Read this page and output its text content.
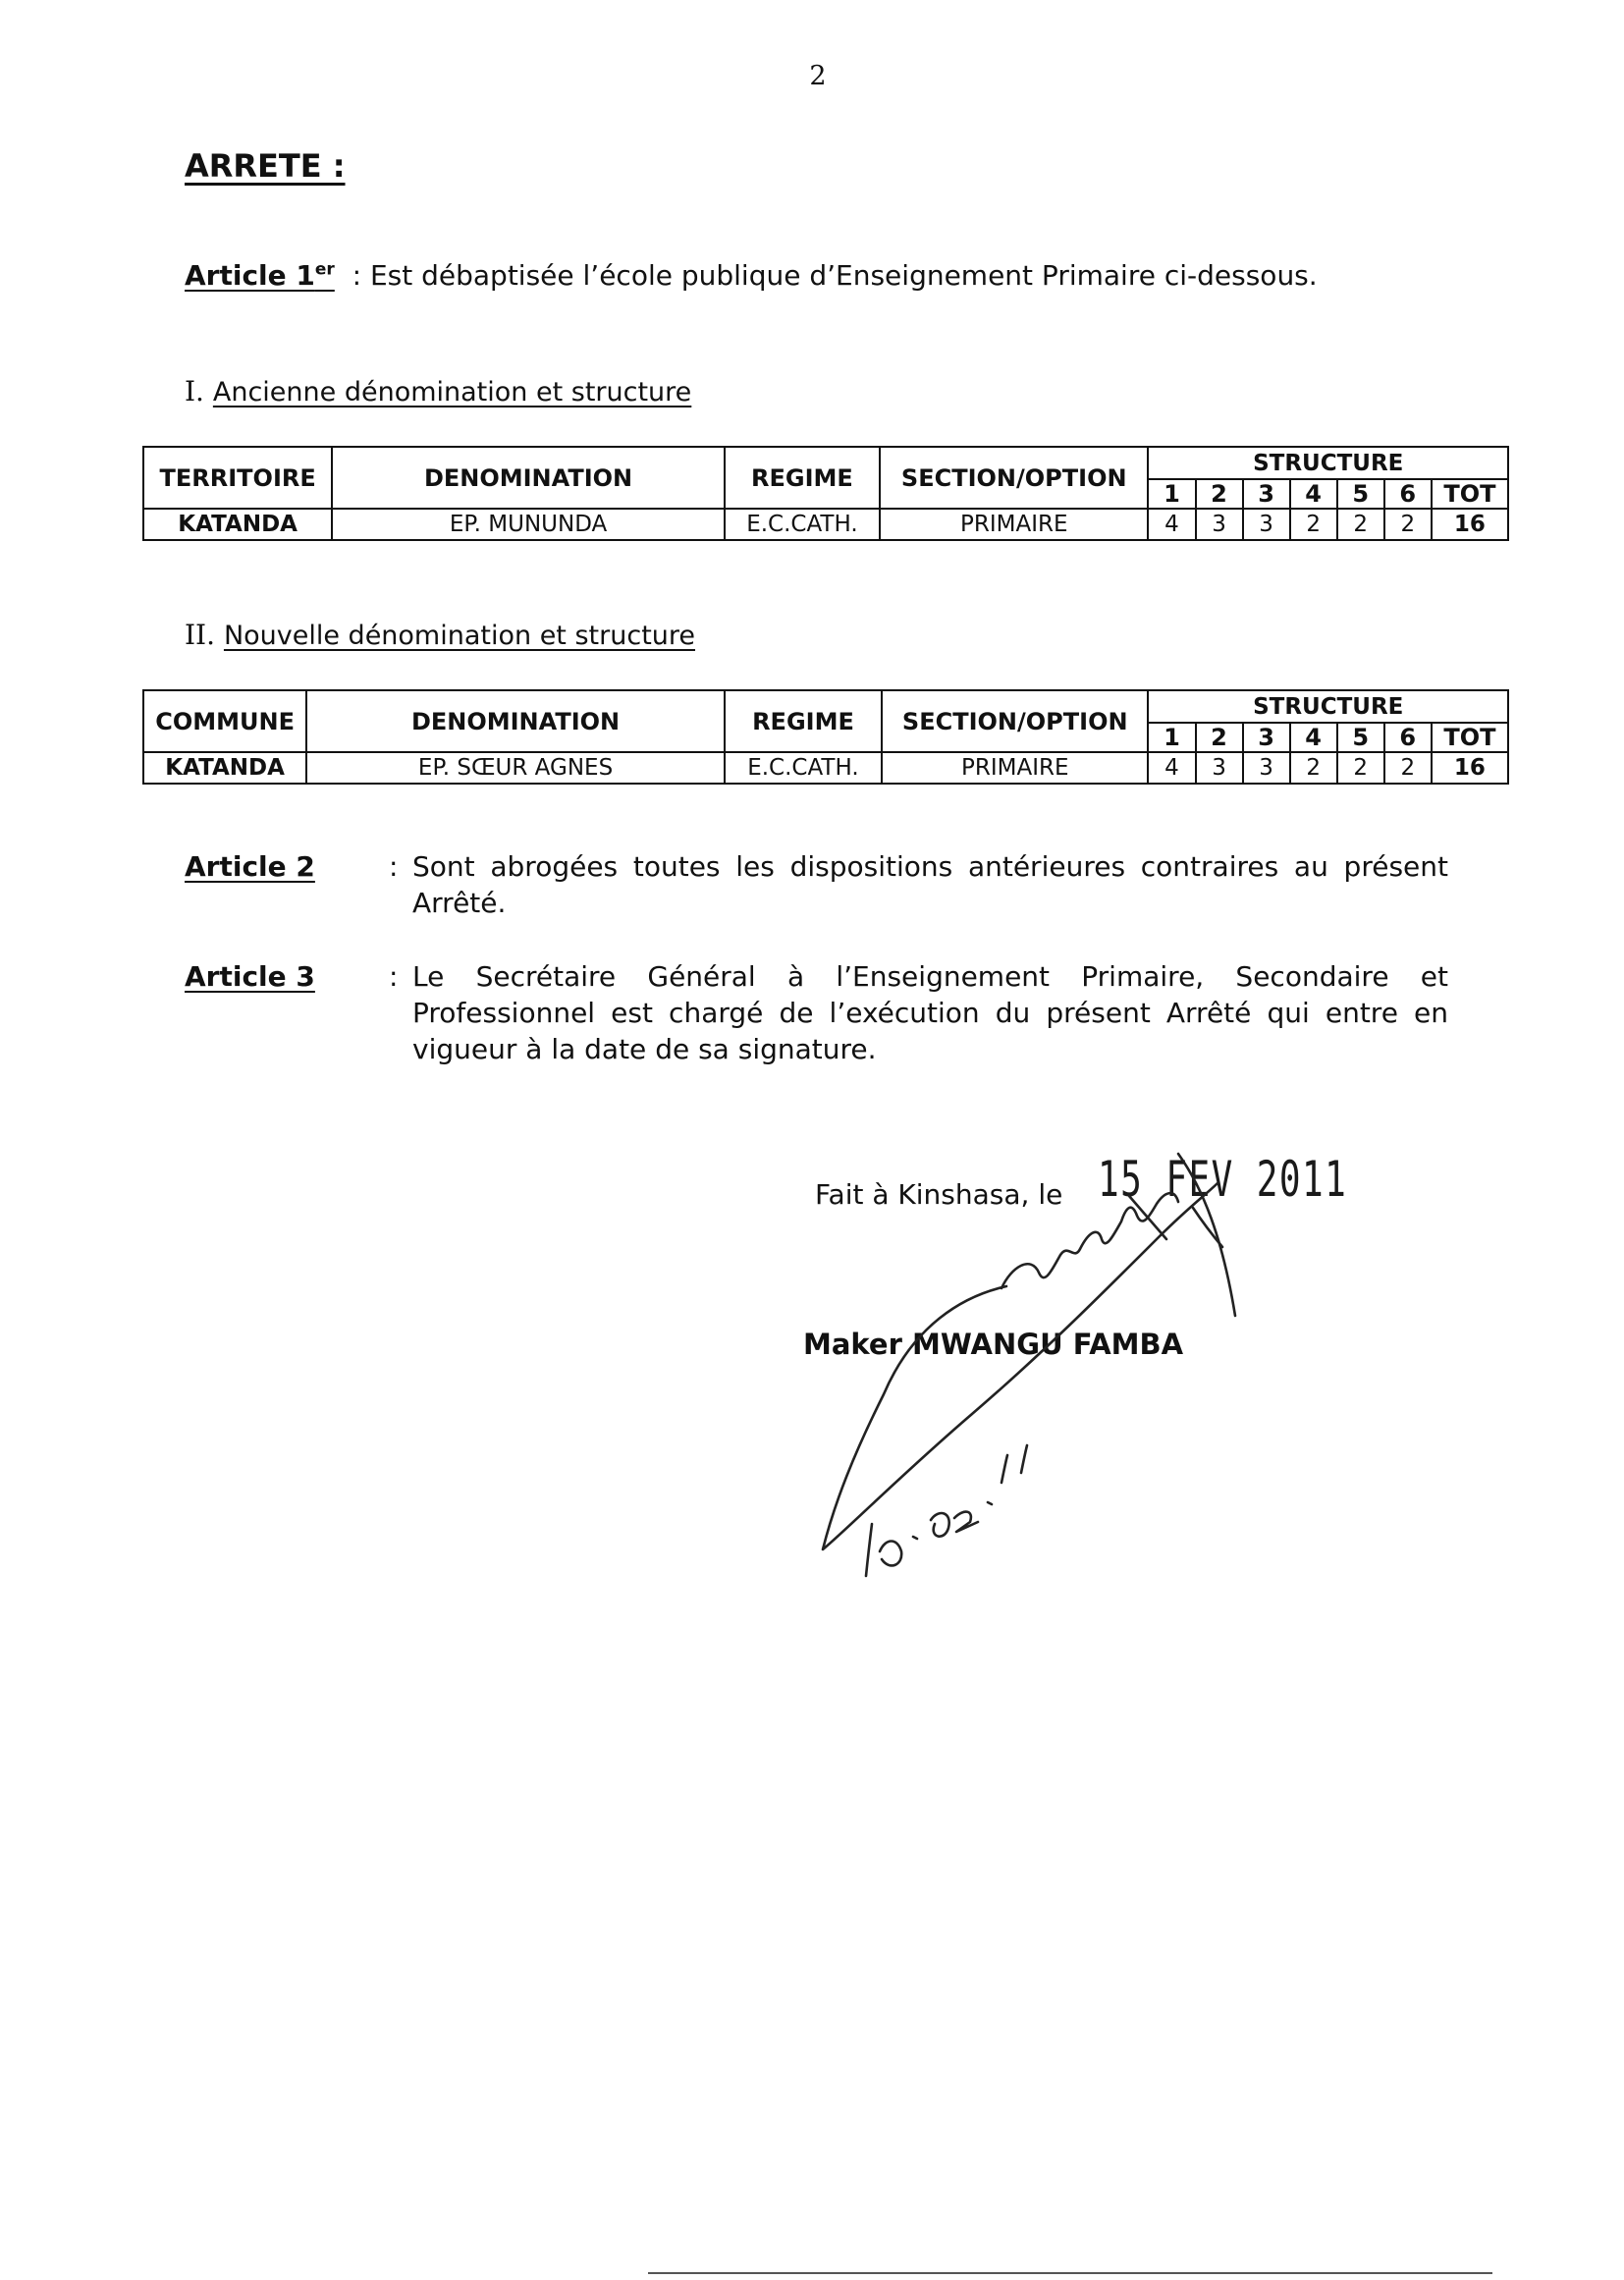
2
ARRETE :
Article 1er : Est débaptisée l’école publique d’Enseignement Primaire ci-dessous.
I. Ancienne dénomination et structure
TERRITOIRE	DENOMINATION	REGIME	SECTION/OPTION	STRUCTURE						
				1	2	3	4	5	6	TOT
KATANDA	EP. MUNUNDA	E.C.CATH.	PRIMAIRE	4	3	3	2	2	2	16
II. Nouvelle dénomination et structure
COMMUNE	DENOMINATION	REGIME	SECTION/OPTION	STRUCTURE						
				1	2	3	4	5	6	TOT
KATANDA	EP. SŒUR AGNES	E.C.CATH.	PRIMAIRE	4	3	3	2	2	2	16
Article 2	: Sont abrogées toutes les dispositions antérieures contraires au présent Arrêté.
Article 3	: Le Secrétaire Général à l’Enseignement Primaire, Secondaire et Professionnel est chargé de l’exécution du présent Arrêté qui entre en vigueur à la date de sa signature.
Fait à Kinshasa, le 15 FEV 2011
Maker MWANGU FAMBA
